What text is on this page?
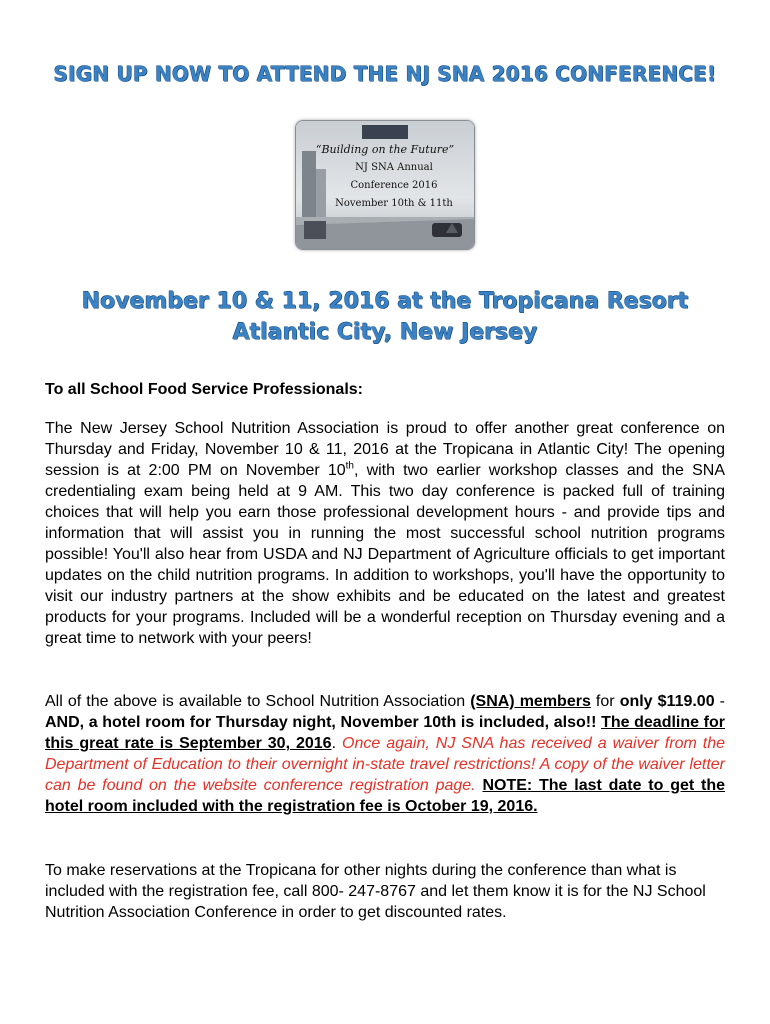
SIGN UP NOW TO ATTEND THE NJ SNA 2016 CONFERENCE!
“Building on the Future”
NJ SNA Annual
Conference 2016
November 10th & 11th
November 10 & 11, 2016 at the Tropicana Resort
Atlantic City, New Jersey

To all School Food Service Professionals:

The New Jersey School Nutrition Association is proud to offer another great conference on Thursday and Friday, November 10 & 11, 2016 at the Tropicana in Atlantic City! The opening session is at 2:00 PM on November 10th, with two earlier workshop classes and the SNA credentialing exam being held at 9 AM. This two day conference is packed full of training choices that will help you earn those professional development hours - and provide tips and information that will assist you in running the most successful school nutrition programs possible! You'll also hear from USDA and NJ Department of Agriculture officials to get important updates on the child nutrition programs. In addition to workshops, you'll have the opportunity to visit our industry partners at the show exhibits and be educated on the latest and greatest products for your programs. Included will be a wonderful reception on Thursday evening and a great time to network with your peers!

All of the above is available to School Nutrition Association (SNA) members for only $119.00 - AND, a hotel room for Thursday night, November 10th is included, also!! The deadline for this great rate is September 30, 2016. Once again, NJ SNA has received a waiver from the Department of Education to their overnight in-state travel restrictions! A copy of the waiver letter can be found on the website conference registration page. NOTE: The last date to get the hotel room included with the registration fee is October 19, 2016.

To make reservations at the Tropicana for other nights during the conference than what is included with the registration fee, call 800- 247-8767 and let them know it is for the NJ School Nutrition Association Conference in order to get discounted rates.
